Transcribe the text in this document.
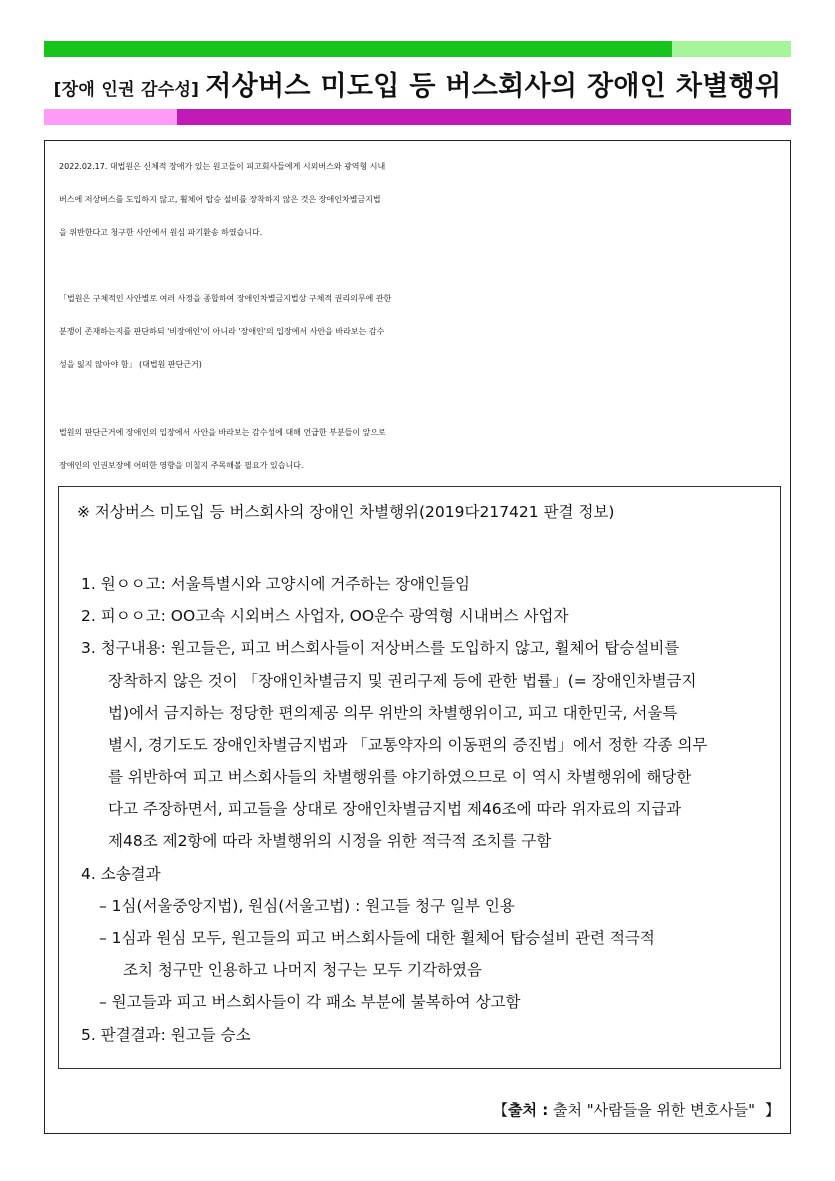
[장애 인권 감수성] 저상버스 미도입 등 버스회사의 장애인 차별행위
2022.02.17. 대법원은 신체적 장애가 있는 원고들이 피고회사들에게 시외버스와 광역형 시내
버스에 저상버스를 도입하지 않고, 휠체어 탑승 설비를 장착하지 않은 것은 장애인차별금지법
을 위반한다고 청구한 사안에서 원심 파기환송 하였습니다.
「법원은 구체적인 사안별로 여러 사정을 종합하여 장애인차별금지법상 구체적 권리의무에 관한
분쟁이 존재하는지를 판단하되 '비장애인'이 아니라 '장애인'의 입장에서 사안을 바라보는 감수
성을 잃지 않아야 함」 (대법원 판단근거)
법원의 판단근거에 장애인의 입장에서 사안을 바라보는 감수성에 대해 언급한 부분들이 앞으로
장애인의 인권보장에 어떠한 영향을 미칠지 주목해볼 필요가 있습니다.
※ 저상버스 미도입 등 버스회사의 장애인 차별행위(2019다217421 판결 정보)
1. 원ㅇㅇ고: 서울특별시와 고양시에 거주하는 장애인들임
2. 피ㅇㅇ고: OO고속 시외버스 사업자, OO운수 광역형 시내버스 사업자
3. 청구내용: 원고들은, 피고 버스회사들이 저상버스를 도입하지 않고, 휠체어 탑승설비를
장착하지 않은 것이 「장애인차별금지 및 권리구제 등에 관한 법률」(= 장애인차별금지
법)에서 금지하는 정당한 편의제공 의무 위반의 차별행위이고, 피고 대한민국, 서울특
별시, 경기도도 장애인차별금지법과 「교통약자의 이동편의 증진법」에서 정한 각종 의무
를 위반하여 피고 버스회사들의 차별행위를 야기하였으므로 이 역시 차별행위에 해당한
다고 주장하면서, 피고들을 상대로 장애인차별금지법 제46조에 따라 위자료의 지급과
제48조 제2항에 따라 차별행위의 시정을 위한 적극적 조치를 구함
4. 소송결과
– 1심(서울중앙지법), 원심(서울고법) : 원고들 청구 일부 인용
– 1심과 원심 모두, 원고들의 피고 버스회사들에 대한 휠체어 탑승설비 관련 적극적
조치 청구만 인용하고 나머지 청구는 모두 기각하였음
– 원고들과 피고 버스회사들이 각 패소 부분에 불복하여 상고함
5. 판결결과: 원고들 승소
【출처 : 출처 "사람들을 위한 변호사들" 】
